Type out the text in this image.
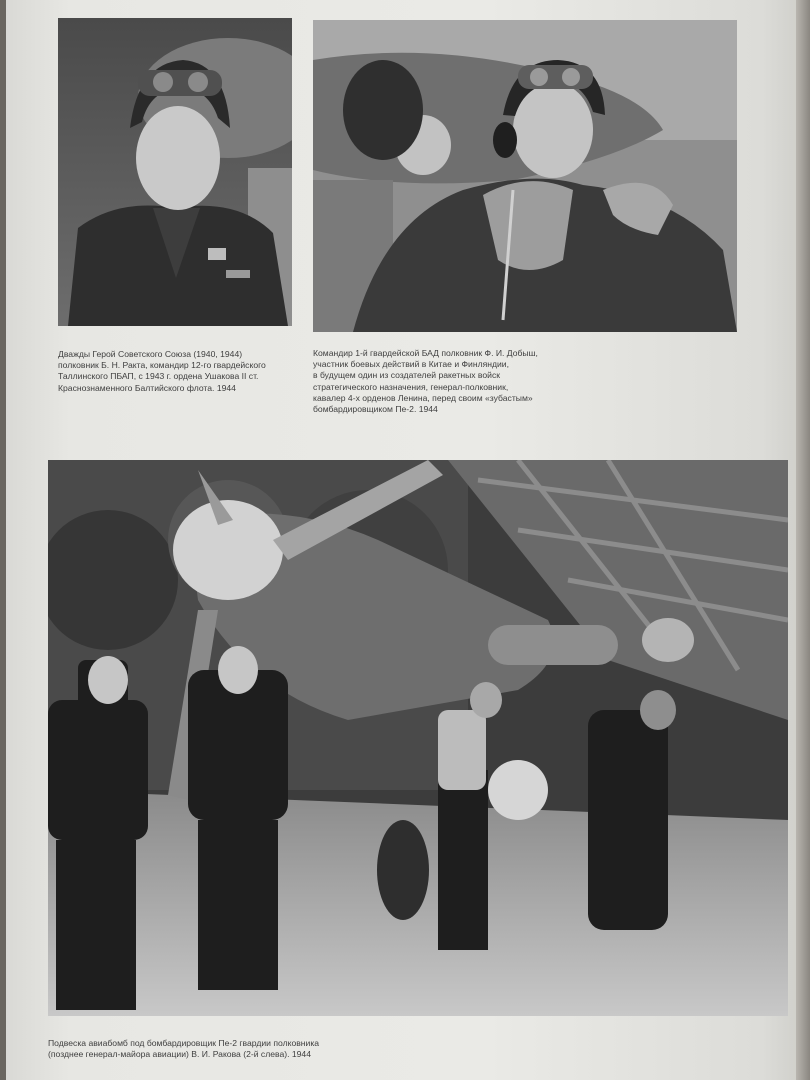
Дважды Герой Советского Союза (1940, 1944)
полковник Б. Н. Ракта, командир 12-го гвардейского
Таллинского ПБАП, с 1943 г. ордена Ушакова II ст.
Краснознаменного Балтийского флота. 1944
Командир 1-й гвардейской БАД полковник Ф. И. Добыш,
участник боевых действий в Китае и Финляндии,
в будущем один из создателей ракетных войск
стратегического назначения, генерал-полковник,
кавалер 4-х орденов Ленина, перед своим «зубастым»
бомбардировщиком Пе-2. 1944
Подвеска авиабомб под бомбардировщик Пе-2 гвардии полковника
(позднее генерал-майора авиации) В. И. Ракова (2-й слева). 1944
